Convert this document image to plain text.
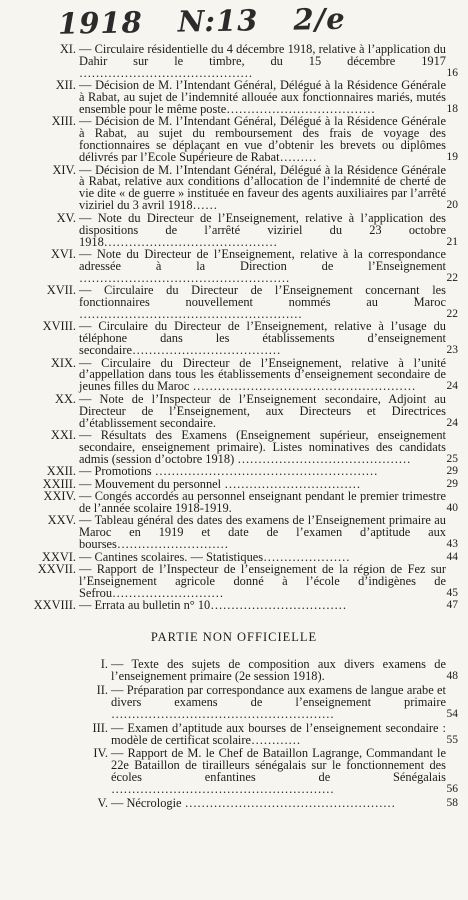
1918 N:13 2/e
XI. — Circulaire résidentielle du 4 décembre 1918, relative à l’application du Dahir sur le timbre, du 15 décembre 1917 ……………………………………	16
XII. — Décision de M. l’Intendant Général, Délégué à la Résidence Générale à Rabat, au sujet de l’indemnité allouée aux fonctionnaires mariés, mutés ensemble pour le même poste………………………………	18
XIII. — Décision de M. l’Intendant Général, Délégué à la Résidence Générale à Rabat, au sujet du remboursement des frais de voyage des fonctionnaires se déplaçant en vue d’obtenir les brevets ou diplômes délivrés par l’Ecole Supérieure de Rabat………	19
XIV. — Décision de M. l’Intendant Général, Délégué à la Résidence Générale à Rabat, relative aux conditions d’allocation de l’indemnité de cherté de vie dite « de guerre » instituée en faveur des agents auxiliaires par l’arrêté viziriel du 3 avril 1918……	20
XV. — Note du Directeur de l’Enseignement, relative à l’application des dispositions de l’arrêté viziriel du 23 octobre 1918……………………………………	21
XVI. — Note du Directeur de l’Enseignement, relative à la correspondance adressée à la Direction de l’Enseignement ……………………………………………	22
XVII. — Circulaire du Directeur de l’Enseignement concernant les fonctionnaires nouvellement nommés au Maroc ………………………………………………	22
XVIII. — Circulaire du Directeur de l’Enseignement, relative à l’usage du téléphone dans les établissements d’enseignement secondaire………………………………	23
XIX. — Circulaire du Directeur de l’Enseignement, relative à l’unité d’appellation dans tous les établissements d’enseignement secondaire de jeunes filles du Maroc ………………………………………………	24
XX. — Note de l’Inspecteur de l’Enseignement secondaire, Adjoint au Directeur de l’Enseignement, aux Directeurs et Directrices d’établissement secondaire.	24
XXI. — Résultats des Examens (Enseignement supérieur, enseignement secondaire, enseignement primaire). Listes nominatives des candidats admis (session d’octobre 1918) ……………………………………	25
XXII. — Promotions ………………………………………………	29
XXIII. — Mouvement du personnel ……………………………	29
XXIV. — Congés accordés au personnel enseignant pendant le premier trimestre de l’année scolaire 1918-1919.	40
XXV. — Tableau général des dates des examens de l’Enseignement primaire au Maroc en 1919 et date de l’examen d’aptitude aux bourses………………………	43
XXVI. — Cantines scolaires. — Statistiques…………………	44
XXVII. — Rapport de l’Inspecteur de l’enseignement de la région de Fez sur l’Enseignement agricole donné à l’école d’indigènes de Sefrou………………………	45
XXVIII. — Errata au bulletin n° 10……………………………	47
PARTIE NON OFFICIELLE
I. — Texte des sujets de composition aux divers examens de l’enseignement primaire (2e session 1918).	48
II. — Préparation par correspondance aux examens de langue arabe et divers examens de l’enseignement primaire ………………………………………………	54
III. — Examen d’aptitude aux bourses de l’enseignement secondaire : modèle de certificat scolaire…………	55
IV. — Rapport de M. le Chef de Bataillon Lagrange, Commandant le 22e Bataillon de tirailleurs sénégalais sur le fonctionnement des écoles enfantines de Sénégalais ………………………………………………	56
V. — Nécrologie ……………………………………………	58
